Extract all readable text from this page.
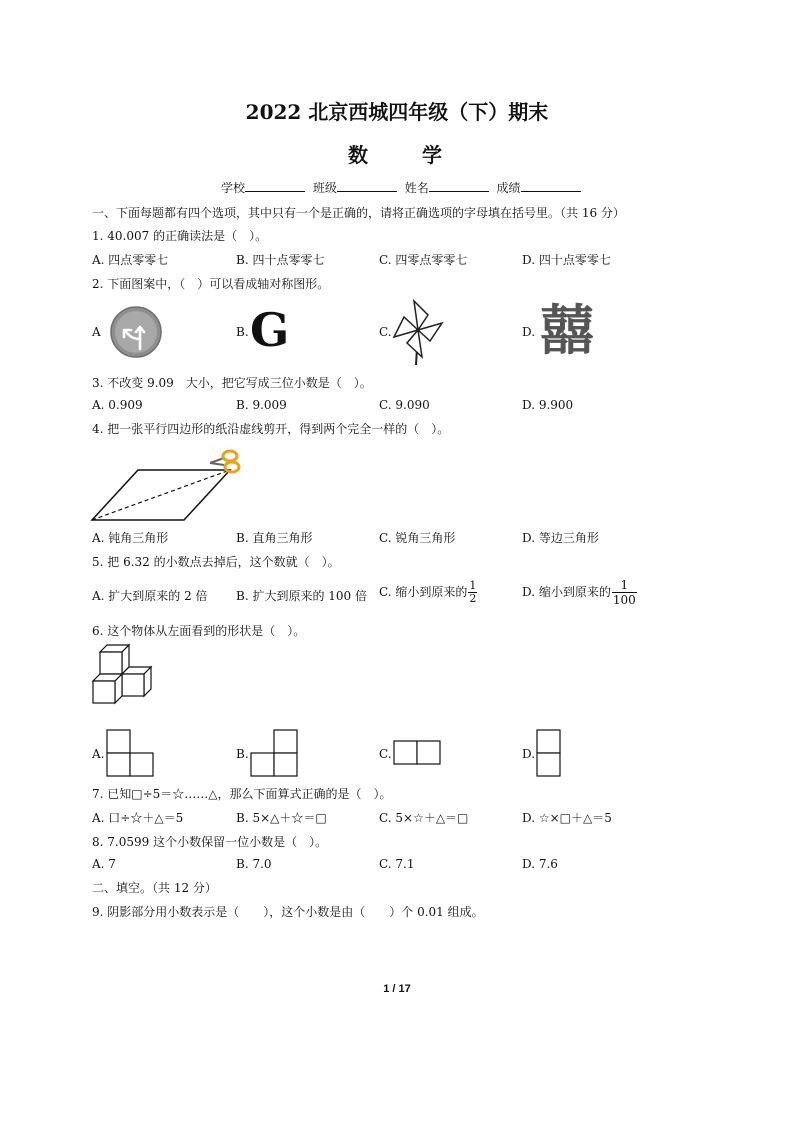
2022 北京西城四年级（下）期末
数	学
学校	班级	姓名	成绩
一、下面每题都有四个选项，其中只有一个是正确的，请将正确选项的字母填在括号里。（共 16 分）
1. 40.007 的正确读法是（　）。
A. 四点零零七	B. 四十点零零七	C. 四零点零零七	D. 四十点零零七
2. 下面图案中，（　）可以看成轴对称图形。
A	B. G	C.	D. 囍
3. 不改变 9.09　大小，把它写成三位小数是（　）。
A. 0.909	B. 9.009	C. 9.090	D. 9.900
4. 把一张平行四边形的纸沿虚线剪开，得到两个完全一样的（　）。
A. 钝角三角形	B. 直角三角形	C. 锐角三角形	D. 等边三角形
5. 把 6.32 的小数点去掉后，这个数就（　）。
A. 扩大到原来的 2 倍 B. 扩大到原来的 100 倍 C. 缩小到原来的 $\frac{1}{2}$	D. 缩小到原来的 $\frac{1}{100}$
6. 这个物体从左面看到的形状是（　）。
A.	B.	C.	D.
7. 已知□÷5＝☆……△，那么下面算式正确的是（　）。
A. 口÷☆＋△＝5	B. 5×△＋☆＝□	C. 5×☆＋△＝□	D. ☆×□＋△＝5
8. 7.0599 这个小数保留一位小数是（　）。
A. 7	B. 7.0	C. 7.1	D. 7.6
二、填空。（共 12 分）
9. 阴影部分用小数表示是（　　），这个小数是由（　　）个 0.01 组成。
1 / 17
